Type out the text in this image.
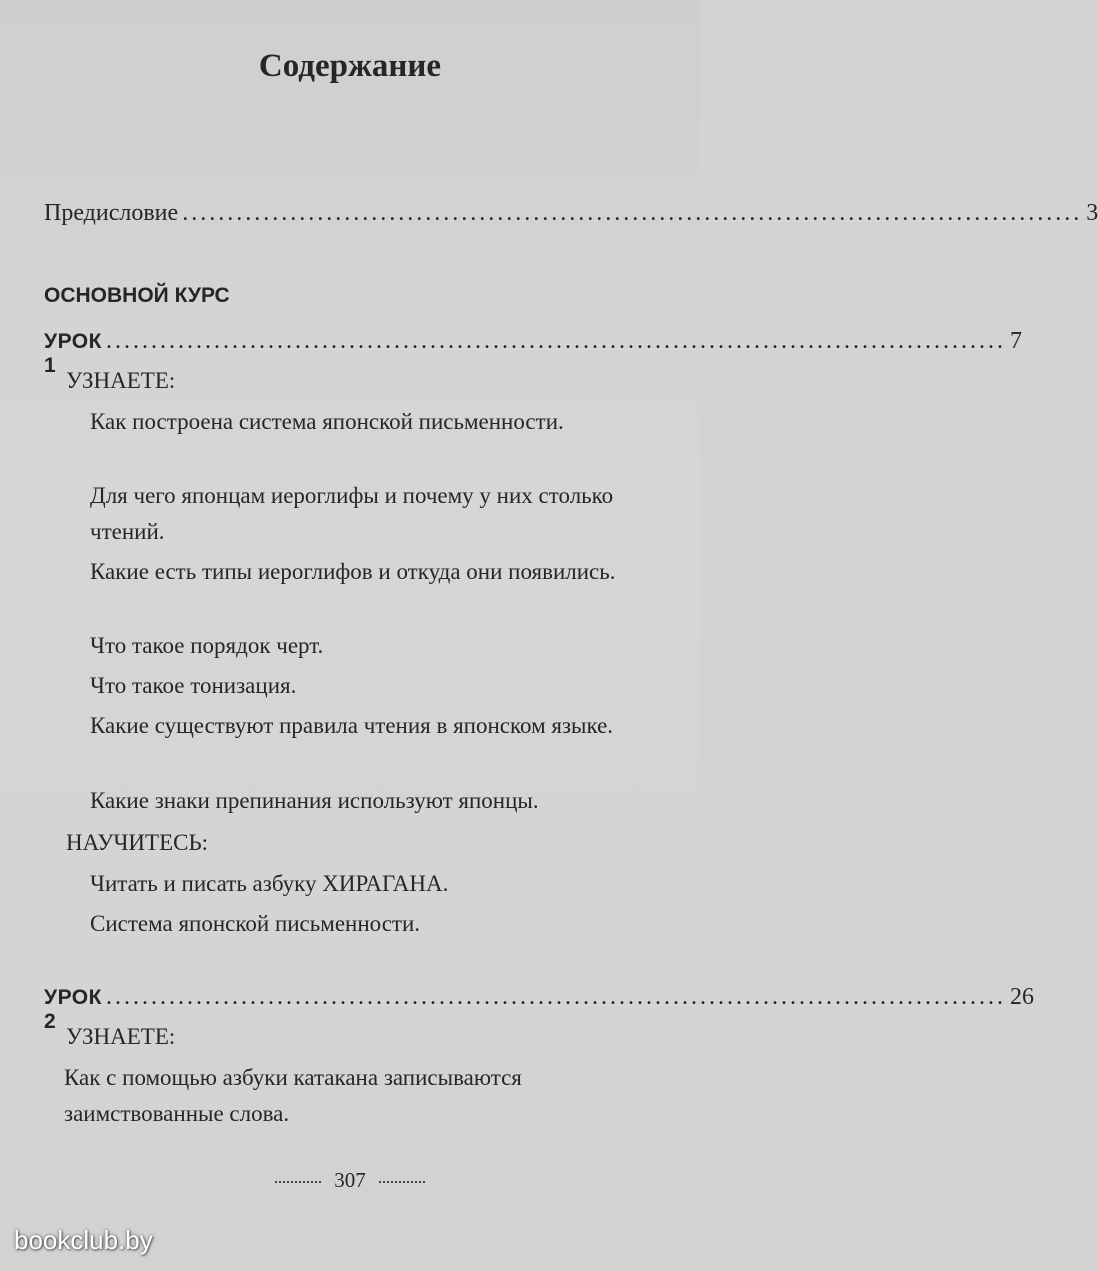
Содержание
Предисловие .................................................................................................... 3
ОСНОВНОЙ КУРС
УРОК 1
.................................................................................................... 7
УЗНАЕТЕ:
Как построена система японской письменности.
Для чего японцам иероглифы и почему у них столько чтений.
Какие есть типы иероглифов и откуда они появились.
Что такое порядок черт.
Что такое тонизация.
Какие существуют правила чтения в японском языке.
Какие знаки препинания используют японцы.
НАУЧИТЕСЬ:
Читать и писать азбуку ХИРАГАНА.
Система японской письменности.
УРОК 2
.................................................................................................... 26
УЗНАЕТЕ:
Как с помощью азбуки катакана записываются заимствованные слова.
307
bookclub.by
